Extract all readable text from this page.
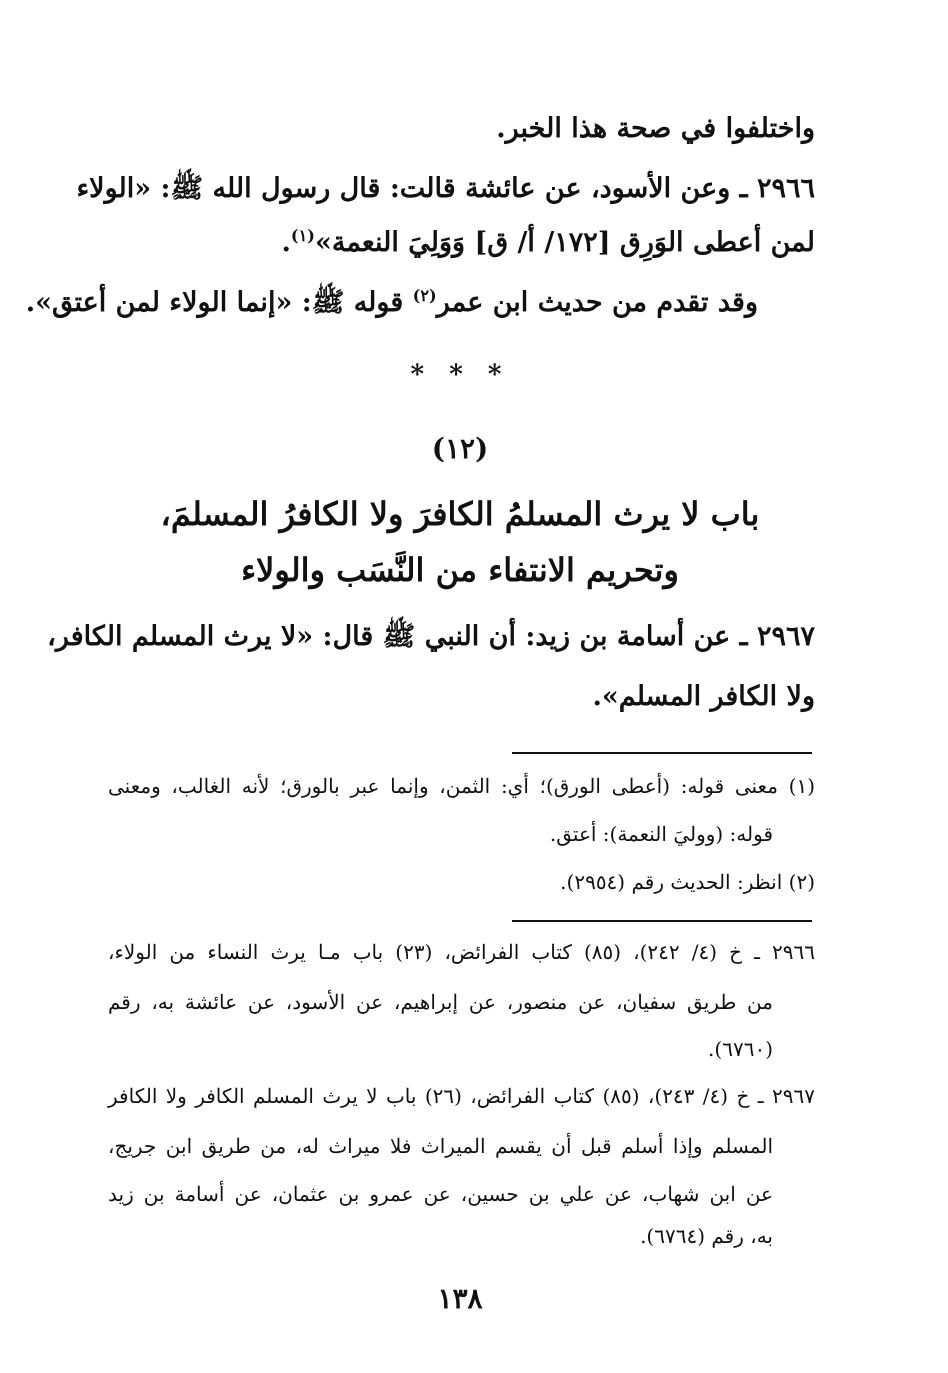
واختلفوا في صحة هذا الخبر.
٢٩٦٦ ـ وعن الأسود، عن عائشة قالت: قال رسول الله ﷺ: «الولاء
لمن أعطى الوَرِق [١٧٢/ أ/ ق] وَوَلِيَ النعمة»$^{(١)}$.
وقد تقدم من حديث ابن عمر$^{(٢)}$ قوله ﷺ: «إنما الولاء لمن أعتق».
* * *
(١٢)
باب لا يرث المسلمُ الكافرَ ولا الكافرُ المسلمَ،
وتحريم الانتفاء من النَّسَب والولاء
٢٩٦٧ ـ عن أسامة بن زيد: أن النبي ﷺ قال: «لا يرث المسلم الكافر،
ولا الكافر المسلم».
(١) معنى قوله: (أعطى الورق)؛ أي: الثمن، وإنما عبر بالورق؛ لأنه الغالب، ومعنى
قوله: (ووليَ النعمة): أعتق.
(٢) انظر: الحديث رقم (٢٩٥٤).
٢٩٦٦ ـ خ (٤/ ٢٤٢)، (٨٥) كتاب الفرائض، (٢٣) باب مـا يرث النساء من الولاء،
من طريق سفيان، عن منصور، عن إبراهيم، عن الأسود، عن عائشة به، رقم
(٦٧٦٠).
٢٩٦٧ ـ خ (٤/ ٢٤٣)، (٨٥) كتاب الفرائض، (٢٦) باب لا يرث المسلم الكافر ولا الكافر
المسلم وإذا أسلم قبل أن يقسم الميراث فلا ميراث له، من طريق ابن جريج،
عن ابن شهاب، عن علي بن حسين، عن عمرو بن عثمان، عن أسامة بن زيد
به، رقم (٦٧٦٤).
١٣٨
